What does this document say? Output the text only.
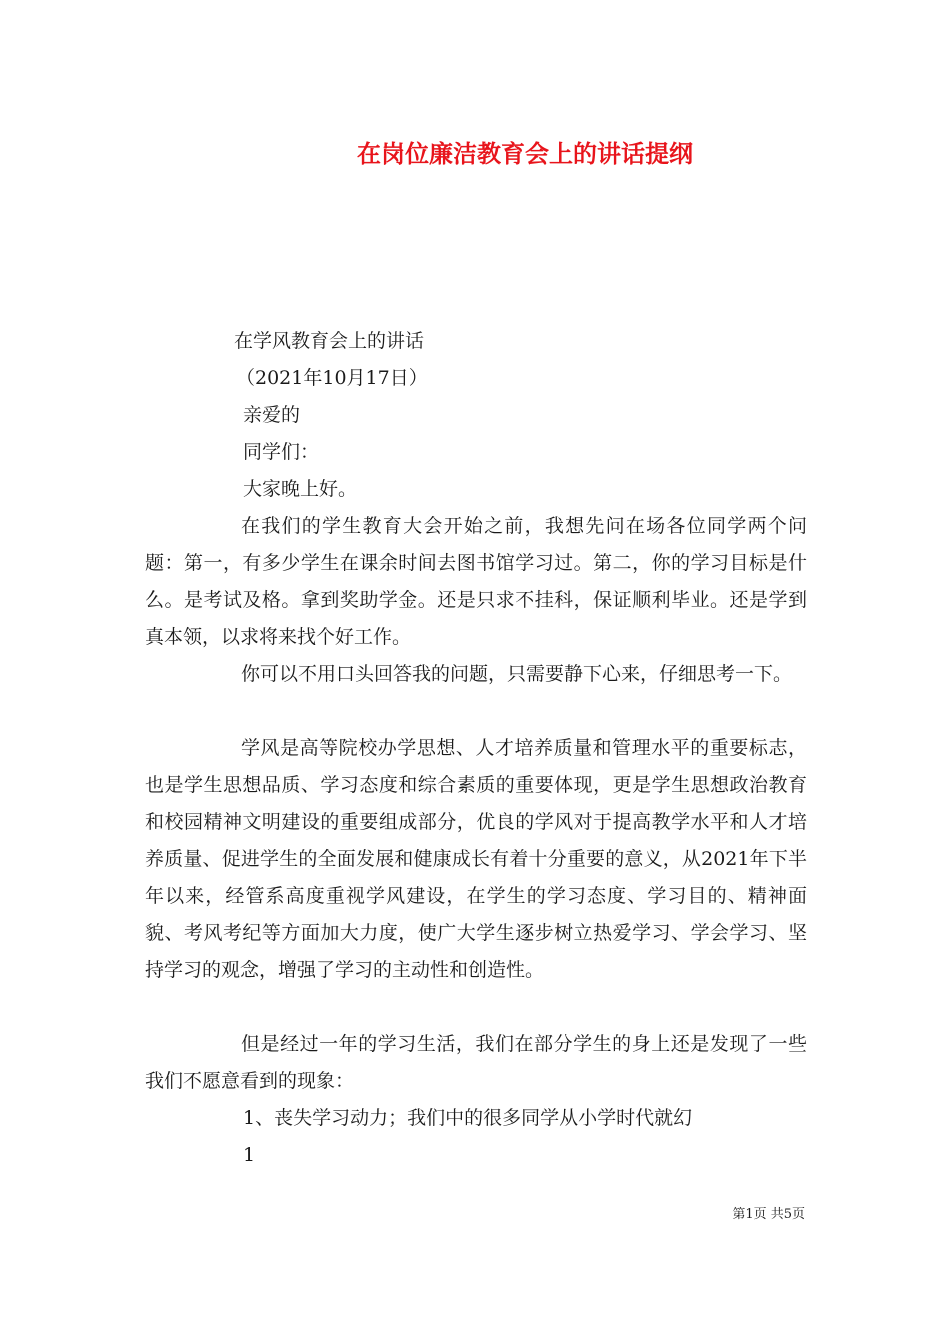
在岗位廉洁教育会上的讲话提纲
在学风教育会上的讲话
（2021年10月17日）
亲爱的
同学们：
大家晚上好。
在我们的学生教育大会开始之前，我想先问在场各位同学两个问题：第一，有多少学生在课余时间去图书馆学习过。第二，你的学习目标是什么。是考试及格。拿到奖助学金。还是只求不挂科，保证顺利毕业。还是学到真本领，以求将来找个好工作。
你可以不用口头回答我的问题，只需要静下心来，仔细思考一下。
学风是高等院校办学思想、人才培养质量和管理水平的重要标志，也是学生思想品质、学习态度和综合素质的重要体现，更是学生思想政治教育和校园精神文明建设的重要组成部分，优良的学风对于提高教学水平和人才培养质量、促进学生的全面发展和健康成长有着十分重要的意义，从2021年下半年以来，经管系高度重视学风建设，在学生的学习态度、学习目的、精神面貌、考风考纪等方面加大力度，使广大学生逐步树立热爱学习、学会学习、坚持学习的观念，增强了学习的主动性和创造性。
但是经过一年的学习生活，我们在部分学生的身上还是发现了一些我们不愿意看到的现象：
1、丧失学习动力；我们中的很多同学从小学时代就幻
1
第1页 共5页
